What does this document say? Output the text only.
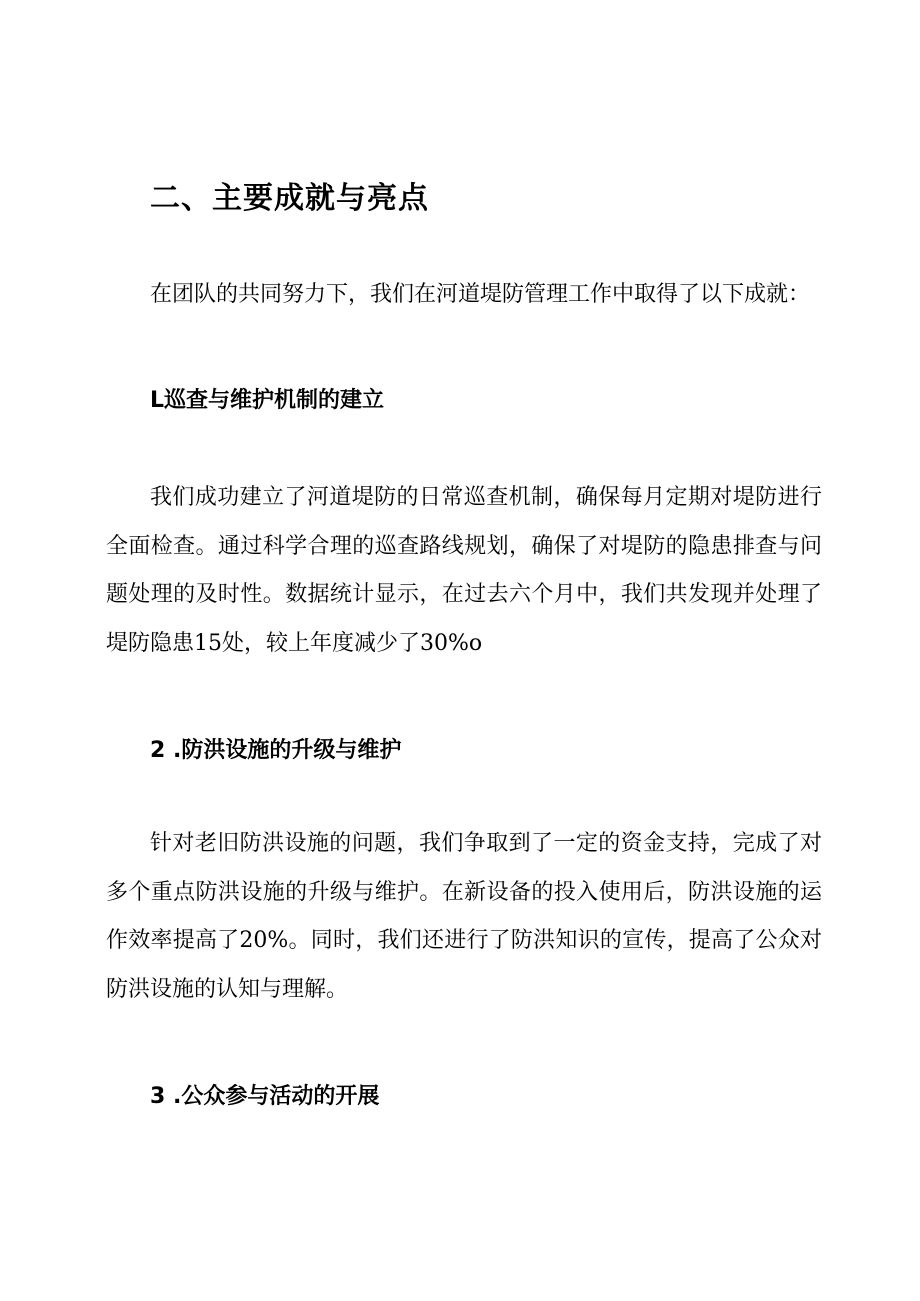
二、主要成就与亮点

在团队的共同努力下，我们在河道堤防管理工作中取得了以下成就：

L巡查与维护机制的建立

我们成功建立了河道堤防的日常巡查机制，确保每月定期对堤防进行全面检查。通过科学合理的巡查路线规划，确保了对堤防的隐患排查与问题处理的及时性。数据统计显示，在过去六个月中，我们共发现并处理了堤防隐患15处，较上年度减少了30%o

2 .防洪设施的升级与维护

针对老旧防洪设施的问题，我们争取到了一定的资金支持，完成了对多个重点防洪设施的升级与维护。在新设备的投入使用后，防洪设施的运作效率提高了20%。同时，我们还进行了防洪知识的宣传，提高了公众对防洪设施的认知与理解。

3 .公众参与活动的开展
